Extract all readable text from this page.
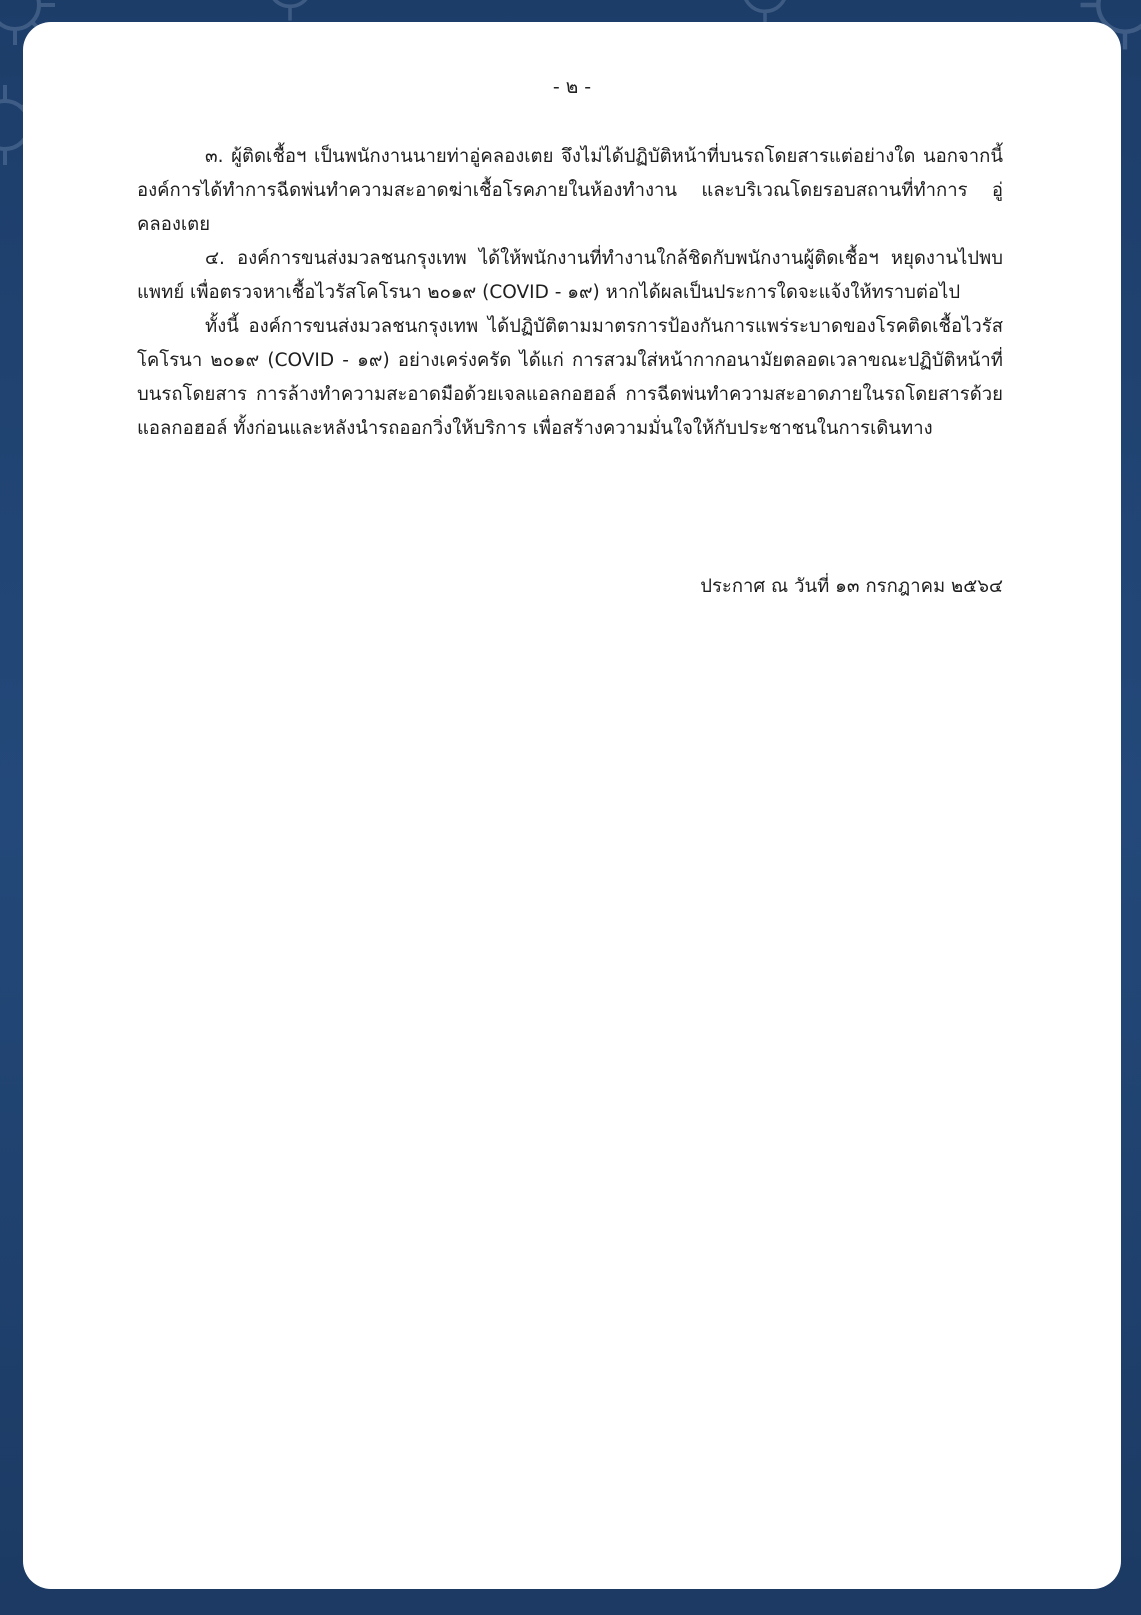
- ๒ -

๓. ผู้ติดเชื้อฯ เป็นพนักงานนายท่าอู่คลองเตย จึงไม่ได้ปฏิบัติหน้าที่บนรถโดยสารแต่อย่างใด นอกจากนี้ องค์การได้ทำการฉีดพ่นทำความสะอาดฆ่าเชื้อโรคภายในห้องทำงาน และบริเวณโดยรอบสถานที่ทำการ อู่คลองเตย

๔. องค์การขนส่งมวลชนกรุงเทพ ได้ให้พนักงานที่ทำงานใกล้ชิดกับพนักงานผู้ติดเชื้อฯ หยุดงานไปพบแพทย์ เพื่อตรวจหาเชื้อไวรัสโคโรนา ๒๐๑๙ (COVID - ๑๙) หากได้ผลเป็นประการใดจะแจ้งให้ทราบต่อไป

ทั้งนี้ องค์การขนส่งมวลชนกรุงเทพ ได้ปฏิบัติตามมาตรการป้องกันการแพร่ระบาดของโรคติดเชื้อไวรัสโคโรนา ๒๐๑๙ (COVID - ๑๙) อย่างเคร่งครัด ได้แก่ การสวมใส่หน้ากากอนามัยตลอดเวลาขณะปฏิบัติหน้าที่บนรถโดยสาร การล้างทำความสะอาดมือด้วยเจลแอลกอฮอล์ การฉีดพ่นทำความสะอาดภายในรถโดยสารด้วยแอลกอฮอล์ ทั้งก่อนและหลังนำรถออกวิ่งให้บริการ เพื่อสร้างความมั่นใจให้กับประชาชนในการเดินทาง

ประกาศ ณ วันที่ ๑๓ กรกฎาคม ๒๕๖๔
